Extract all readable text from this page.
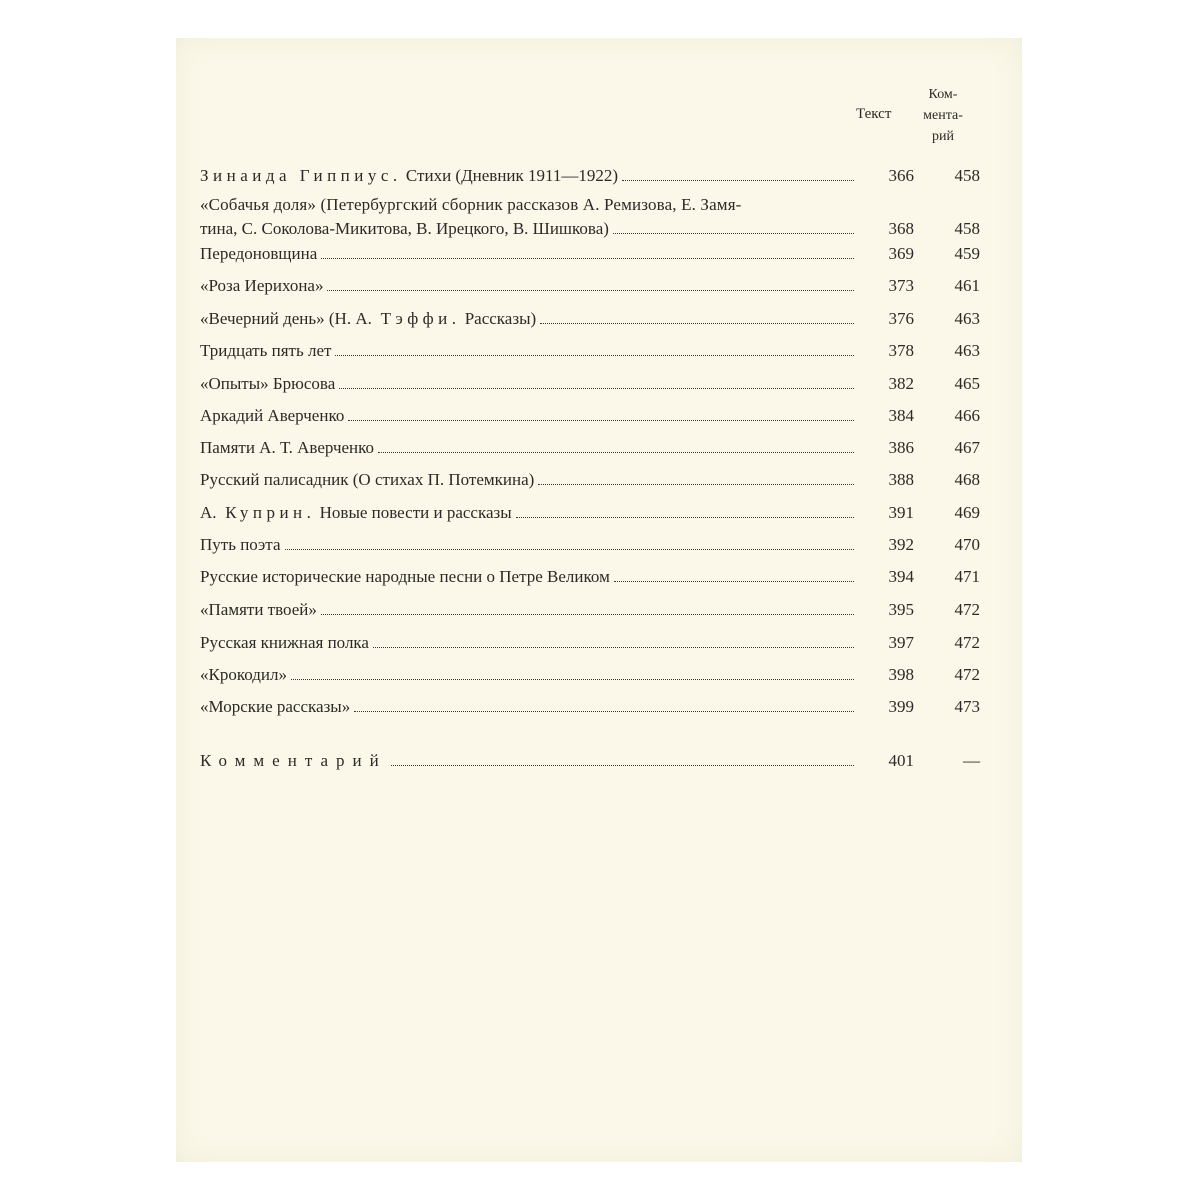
Текст
Ком-
мента-
рий
Зинаида Гиппиус. Стихи (Дневник 1911—1922)	366	458
«Собачья доля» (Петербургский сборник рассказов А. Ремизова, Е. Замя-
тина, С. Соколова-Микитова, В. Ирецкого, В. Шишкова)	368	458
Передоновщина	369	459
«Роза Иерихона»	373	461
«Вечерний день» (Н. А. Тэффи. Рассказы)	376	463
Тридцать пять лет	378	463
«Опыты» Брюсова	382	465
Аркадий Аверченко	384	466
Памяти А. Т. Аверченко	386	467
Русский палисадник (О стихах П. Потемкина)	388	468
А. Куприн. Новые повести и рассказы	391	469
Путь поэта	392	470
Русские исторические народные песни о Петре Великом	394	471
«Памяти твоей»	395	472
Русская книжная полка	397	472
«Крокодил»	398	472
«Морские рассказы»	399	473
Комментарий	401	—
